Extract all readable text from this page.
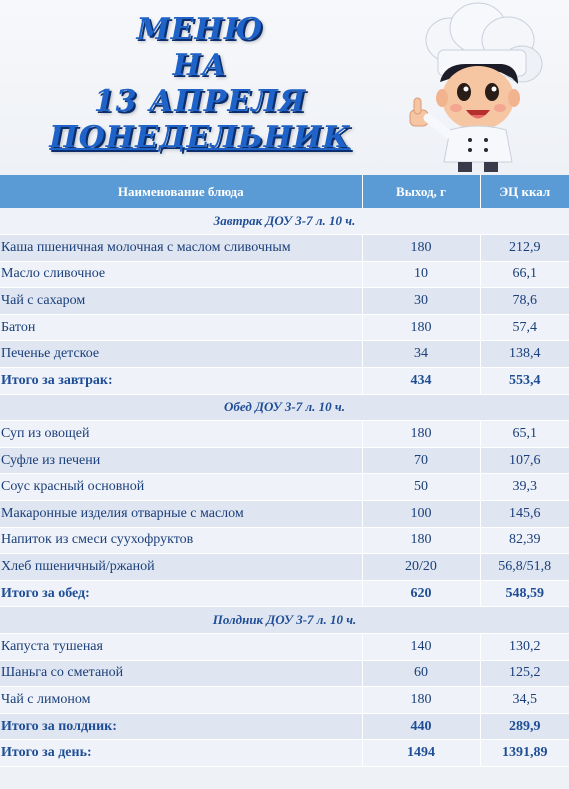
МЕНЮ
НА
13 АПРЕЛЯ
ПОНЕДЕЛЬНИК
Наименование блюда	Выход, г	ЭЦ ккал
Завтрак ДОУ 3-7 л. 10 ч.		
Каша пшеничная молочная с маслом сливочным	180	212,9
Масло сливочное	10	66,1
Чай с сахаром	30	78,6
Батон	180	57,4
Печенье детское	34	138,4
Итого за завтрак:	434	553,4
Обед ДОУ 3-7 л. 10 ч.		
Суп из овощей	180	65,1
Суфле из печени	70	107,6
Соус красный основной	50	39,3
Макаронные изделия отварные с маслом	100	145,6
Напиток из смеси суухофруктов	180	82,39
Хлеб пшеничный/ржаной	20/20	56,8/51,8
Итого за обед:	620	548,59
Полдник ДОУ 3-7 л. 10 ч.		
Капуста тушеная	140	130,2
Шаньга со сметаной	60	125,2
Чай с лимоном	180	34,5
Итого за полдник:	440	289,9
Итого за день:	1494	1391,89
